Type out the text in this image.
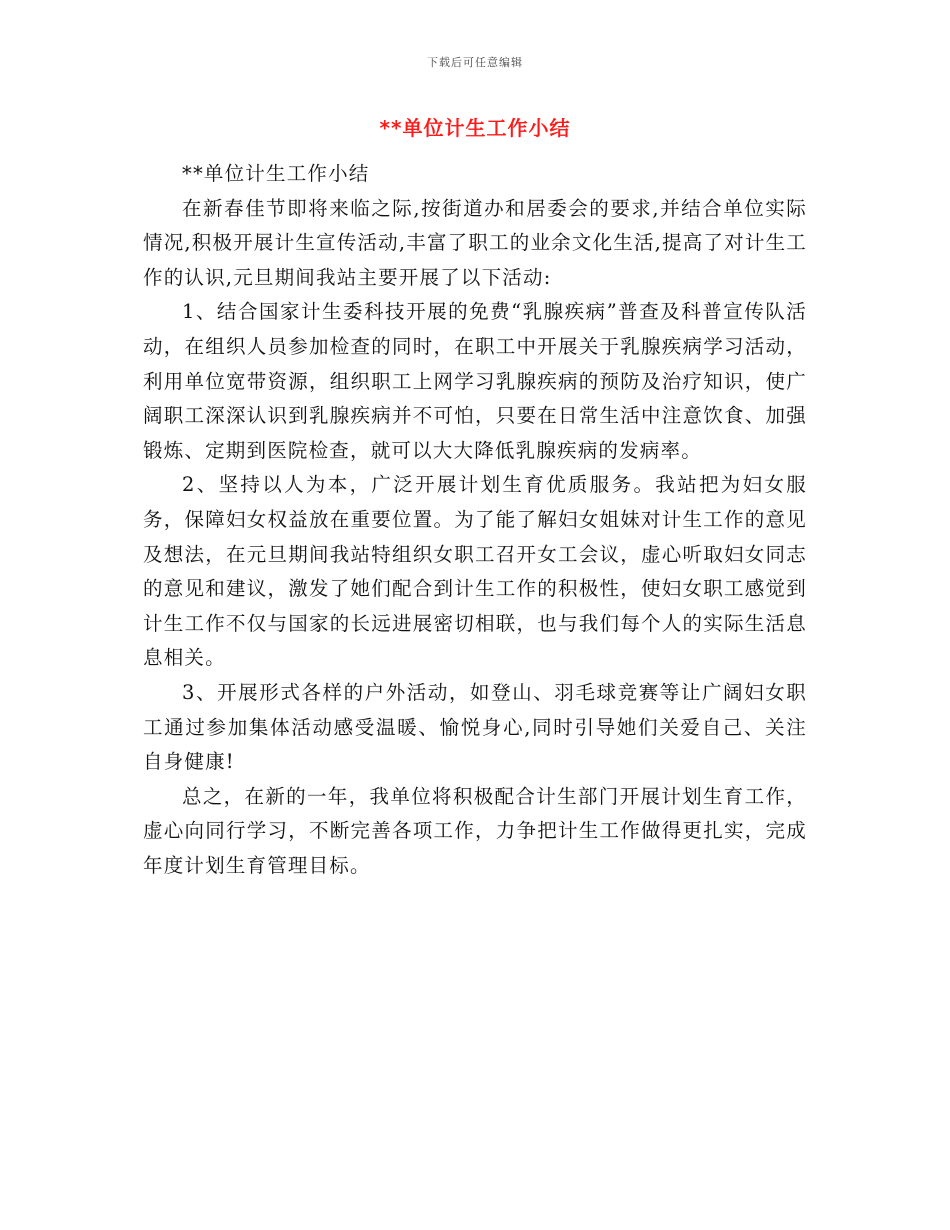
下载后可任意编辑
**单位计生工作小结

**单位计生工作小结

在新春佳节即将来临之际,按街道办和居委会的要求,并结合单位实际情况,积极开展计生宣传活动,丰富了职工的业余文化生活,提高了对计生工作的认识,元旦期间我站主要开展了以下活动:

1、结合国家计生委科技开展的免费“乳腺疾病”普查及科普宣传队活动，在组织人员参加检查的同时，在职工中开展关于乳腺疾病学习活动，利用单位宽带资源，组织职工上网学习乳腺疾病的预防及治疗知识，使广阔职工深深认识到乳腺疾病并不可怕，只要在日常生活中注意饮食、加强锻炼、定期到医院检查，就可以大大降低乳腺疾病的发病率。

2、坚持以人为本，广泛开展计划生育优质服务。我站把为妇女服务，保障妇女权益放在重要位置。为了能了解妇女姐妹对计生工作的意见及想法，在元旦期间我站特组织女职工召开女工会议，虚心听取妇女同志的意见和建议，激发了她们配合到计生工作的积极性，使妇女职工感觉到计生工作不仅与国家的长远进展密切相联，也与我们每个人的实际生活息息相关。

3、开展形式各样的户外活动，如登山、羽毛球竞赛等让广阔妇女职工通过参加集体活动感受温暖、愉悦身心,同时引导她们关爱自己、关注自身健康!

总之，在新的一年，我单位将积极配合计生部门开展计划生育工作，虚心向同行学习，不断完善各项工作，力争把计生工作做得更扎实，完成年度计划生育管理目标。
